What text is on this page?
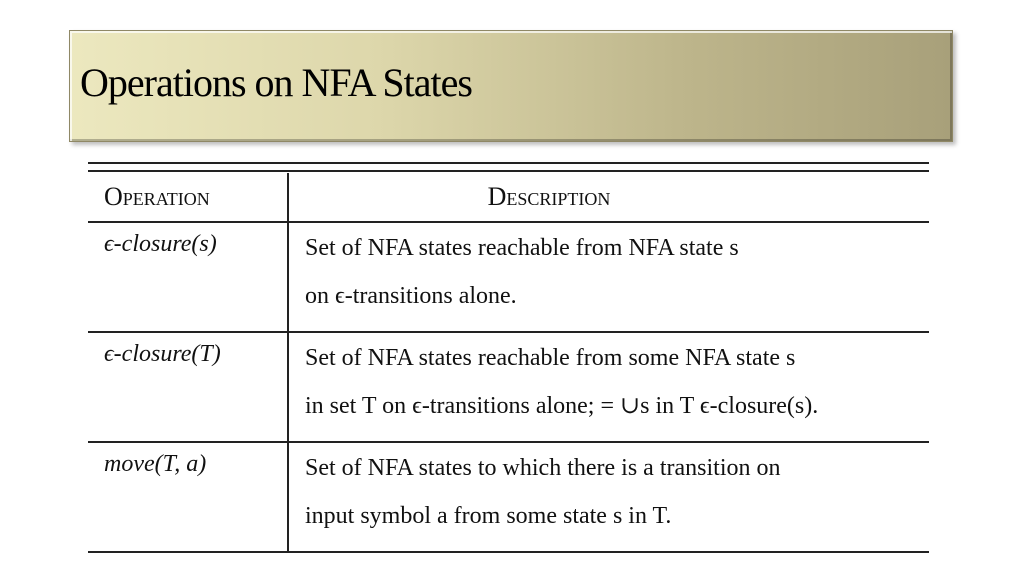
Operations on NFA States
Operation	Description
ϵ-closure(s)	Set of NFA states reachable from NFA state s
on ϵ-transitions alone.

ϵ-closure(T)	Set of NFA states reachable from some NFA state s
in set T on ϵ-transitions alone; = ∪s in T ϵ-closure(s).

move(T, a)	Set of NFA states to which there is a transition on
input symbol a from some state s in T.
